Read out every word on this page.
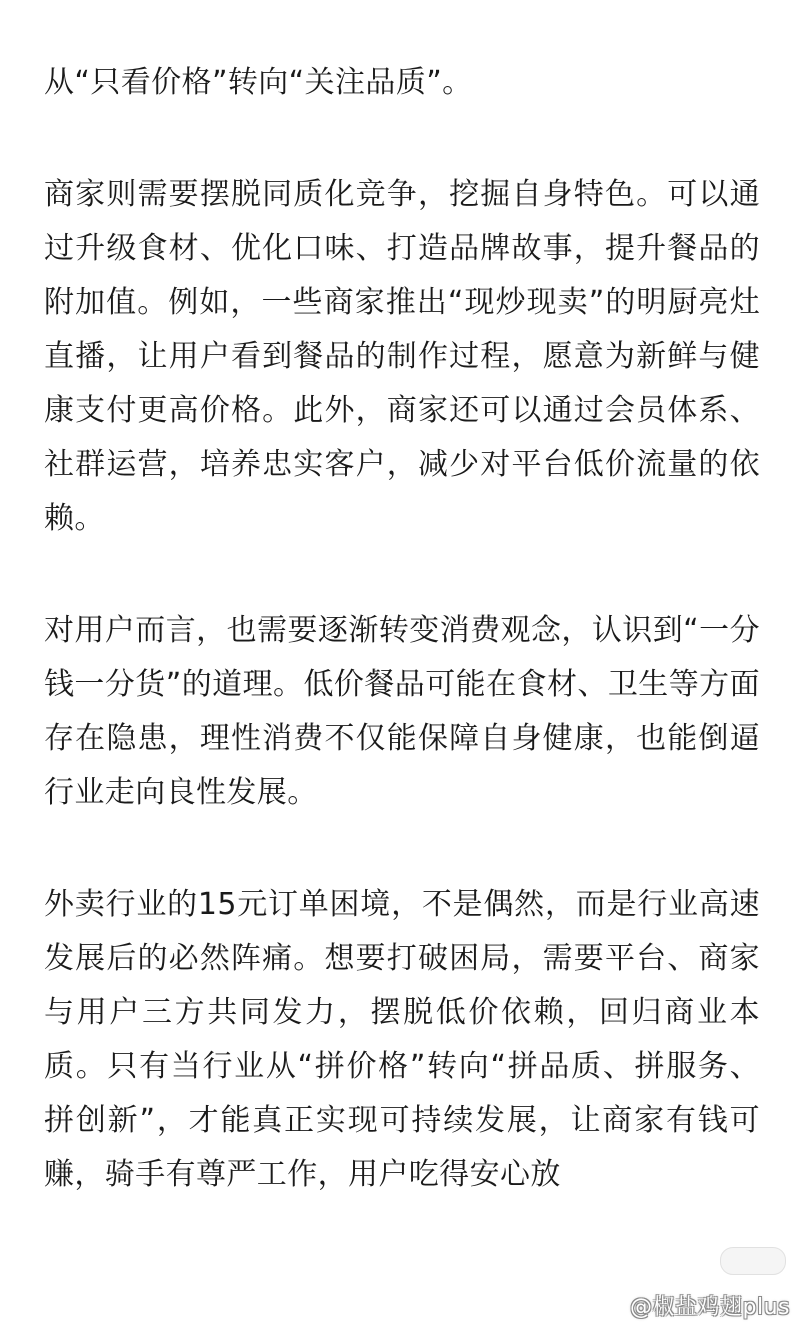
从“只看价格”转向“关注品质”。

商家则需要摆脱同质化竞争，挖掘自身特色。可以通过升级食材、优化口味、打造品牌故事，提升餐品的附加值。例如，一些商家推出“现炒现卖”的明厨亮灶直播，让用户看到餐品的制作过程，愿意为新鲜与健康支付更高价格。此外，商家还可以通过会员体系、社群运营，培养忠实客户，减少对平台低价流量的依赖。

对用户而言，也需要逐渐转变消费观念，认识到“一分钱一分货”的道理。低价餐品可能在食材、卫生等方面存在隐患，理性消费不仅能保障自身健康，也能倒逼行业走向良性发展。

外卖行业的15元订单困境，不是偶然，而是行业高速发展后的必然阵痛。想要打破困局，需要平台、商家与用户三方共同发力，摆脱低价依赖，回归商业本质。只有当行业从“拼价格”转向“拼品质、拼服务、拼创新”，才能真正实现可持续发展，让商家有钱可赚，骑手有尊严工作，用户吃得安心放

@椒盐鸡翅plus
